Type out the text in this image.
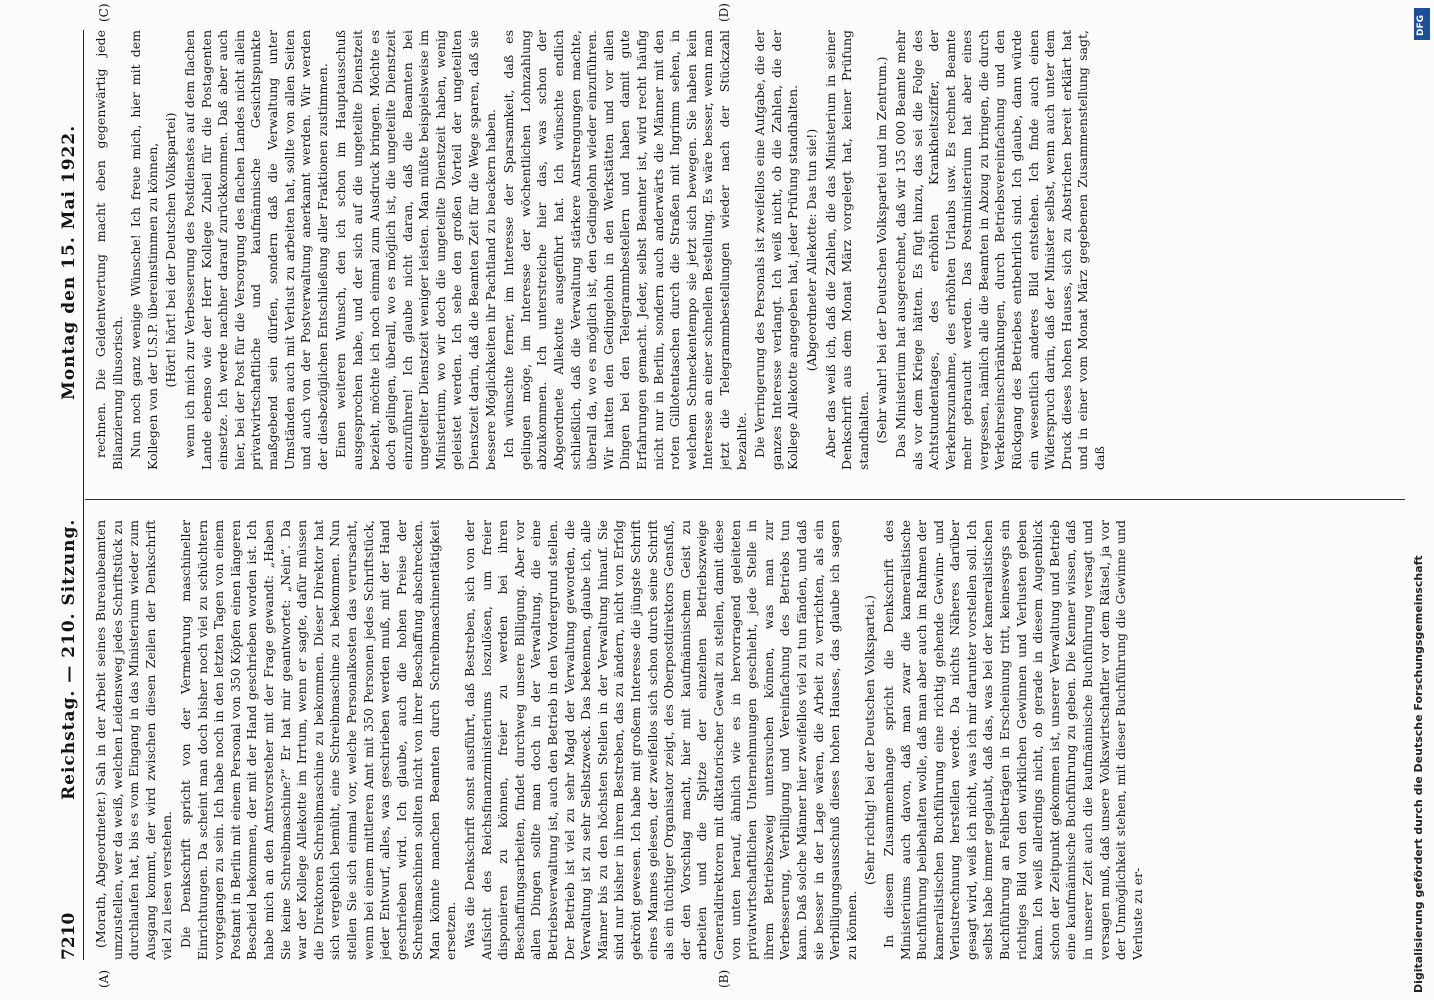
7210
Reichstag. — 210. Sitzung.
Montag den 15. Mai 1922.

(Morath, Abgeordneter.) Sah in der Arbeit seines Bureaubeamten umzustellen, wer da weiß, welchen Leidensweg jedes Schriftstück zu durchlaufen hat, bis es vom Eingang in das Ministerium wieder zum Ausgang kommt, der wird zwischen diesen Zeilen der Denkschrift viel zu lesen verstehen. Die Denkschrift spricht von der Vermehrung maschineller Einrichtungen. Da scheint man doch bisher noch viel zu schüchtern vorgegangen zu sein. Ich habe noch in den letzten Tagen von einem Postamt in Berlin mit einem Personal von 350 Köpfen einen längeren Bescheid bekommen, der mit der Hand geschrieben worden ist. Ich habe mich an den Amtsvorsteher mit der Frage gewandt: „Haben Sie keine Schreibmaschine?“ Er hat mir geantwortet: „Nein“. Da war der Kollege Allekotte im Irrtum, wenn er sagte, dafür müssen die Direktoren Schreibmaschine zu bekommen. Dieser Direktor hat sich vergeblich bemüht, eine Schreibmaschine zu bekommen. Nun stellen Sie sich einmal vor, welche Personalkosten das verursacht, wenn bei einem mittleren Amt mit 350 Personen jedes Schriftstück, jeder Entwurf, alles, was geschrieben werden muß, mit der Hand geschrieben wird. Ich glaube, auch die hohen Preise der Schreibmaschinen sollten nicht von ihrer Beschaffung abschrecken. Man könnte manchen Beamten durch Schreibmaschinentätigkeit ersetzen. Was die Denkschrift sonst ausführt, daß Bestreben, sich von der Aufsicht des Reichsfinanzministeriums loszulösen, um freier disponieren zu können, freier zu werden bei ihren Beschaffungsarbeiten, findet durchweg unsere Billigung. Aber vor allen Dingen sollte man doch in der Verwaltung, die eine Betriebsverwaltung ist, auch den Betrieb in den Vordergrund stellen. Der Betrieb ist viel zu sehr Magd der Verwaltung geworden, die Verwaltung ist zu sehr Selbstzweck. Das bekennen, glaube ich, alle Männer bis zu den höchsten Stellen in der Verwaltung hinauf. Sie sind nur bisher in ihrem Bestreben, das zu ändern, nicht von Erfolg gekrönt gewesen. Ich habe mit großem Interesse die jüngste Schrift eines Mannes gelesen, der zweifellos sich schon durch seine Schrift als ein tüchtiger Organisator zeigt, des Oberpostdirektors Gensfuß, der den Vorschlag macht, hier mit kaufmännischem Geist zu arbeiten und die Spitze der einzelnen Betriebszweige Generaldirektoren mit diktatorischer Gewalt zu stellen, damit diese von unten herauf, ähnlich wie es in hervorragend geleiteten privatwirtschaftlichen Unternehmungen geschieht, jede Stelle in ihrem Betriebszweig untersuchen können, was man zur Verbesserung, Verbilligung und Vereinfachung des Betriebs tun kann. Daß solche Männer hier zweifellos viel zu tun fänden, und daß sie besser in der Lage wären, die Arbeit zu verrichten, als ein Verbilligungsausschuß dieses hohen Hauses, das glaube ich sagen zu können.

(Sehr richtig! bei der Deutschen Volkspartei.) In diesem Zusammenhange spricht die Denkschrift des Ministeriums auch davon, daß man zwar die kameralistische Buchführung beibehalten wolle, daß man aber auch im Rahmen der kameralistischen Buchführung eine richtig gehende Gewinn- und Verlustrechnung herstellen werde. Da nichts Näheres darüber gesagt wird, weiß ich nicht, was ich mir darunter vorstellen soll. Ich selbst habe immer geglaubt, daß das, was bei der kameralistischen Buchführung an Fehlbeträgen in Erscheinung tritt, keineswegs ein richtiges Bild von den wirklichen Gewinnen und Verlusten geben kann. Ich weiß allerdings nicht, ob gerade in diesem Augenblick schon der Zeitpunkt gekommen ist, unserer Verwaltung und Betrieb eine kaufmännische Buchführung zu geben. Die Kenner wissen, daß in unserer Zeit auch die kaufmännische Buchführung versagt und versagen muß, daß unsere Volkswirtschaftler vor dem Rätsel, ja vor der Unmöglichkeit stehen, mit dieser Buchführung die Gewinne und Verluste zu er-

rechnen. Die Geldentwertung macht eben gegenwärtig jede Bilanzierung illusorisch. Nun noch ganz wenige Wünsche! Ich freue mich, hier mit dem Kollegen von der U.S.P. übereinstimmen zu können, (Hört! hört! bei der Deutschen Volkspartei) wenn ich mich zur Verbesserung des Postdienstes auf dem flachen Lande ebenso wie der Herr Kollege Zubeil für die Postagenten einsetze. Ich werde nachher darauf zurückkommen. Daß aber auch hier, bei der Post für die Versorgung des flachen Landes nicht allein privatwirtschaftliche und kaufmännische Gesichtspunkte maßgebend sein dürfen, sondern daß die Verwaltung unter Umständen auch mit Verlust zu arbeiten hat, sollte von allen Seiten und auch von der Postverwaltung anerkannt werden. Wir werden der diesbezüglichen Entschließung aller Fraktionen zustimmen. Einen weiteren Wunsch, den ich schon im Hauptausschuß ausgesprochen habe, und der sich auf die ungeteilte Dienstzeit bezieht, möchte ich noch einmal zum Ausdruck bringen. Möchte es doch gelingen, überall, wo es möglich ist, die ungeteilte Dienstzeit einzuführen! Ich glaube nicht daran, daß die Beamten bei ungeteilter Dienstzeit weniger leisten. Man müßte beispielsweise im Ministerium, wo wir doch die ungeteilte Dienstzeit haben, wenig geleistet werden. Ich sehe den großen Vorteil der ungeteilten Dienstzeit darin, daß die Beamten Zeit für die Wege sparen, daß sie bessere Möglichkeiten ihr Pachtland zu beackern haben. Ich wünschte ferner, im Interesse der Sparsamkeit, daß es gelingen möge, im Interesse der wöchentlichen Lohnzahlung abzukommen. Ich unterstreiche hier das, was schon der Abgeordnete Allekotte ausgeführt hat. Ich wünschte endlich schließlich, daß die Verwaltung stärkere Anstrengungen machte, überall da, wo es möglich ist, den Gedingelohn wieder einzuführen. Wir hatten den Gedingelohn in den Werkstätten und vor allen Dingen bei den Telegrammbestellern und haben damit gute Erfahrungen gemacht. Jeder, selbst Beamter ist, wird recht häufig nicht nur in Berlin, sondern auch anderwärts die Männer mit den roten Gillotentaschen durch die Straßen mit Ingrimm sehen, in welchem Schneckentempo sie jetzt sich bewegen. Sie haben kein Interesse an einer schnellen Bestellung. Es wäre besser, wenn man jetzt die Telegrammbestellungen wieder nach der Stückzahl bezahlte. Die Verringerung des Personals ist zweifellos eine Aufgabe, die der ganzes Interesse verlangt. Ich weiß nicht, ob die Zahlen, die der Kollege Allekotte angegeben hat, jeder Prüfung standhalten. (Abgeordneter Allekotte: Das tun sie!) Aber das weiß ich, daß die Zahlen, die das Ministerium in seiner Denkschrift aus dem Monat März vorgelegt hat, keiner Prüfung standhalten. (Sehr wahr! bei der Deutschen Volkspartei und im Zentrum.) Das Ministerium hat ausgerechnet, daß wir 135 000 Beamte mehr als vor dem Kriege hätten. Es fügt hinzu, das sei die Folge des Achtstundentages, des erhöhten Krankheitsziffer, der Verkehrszunahme, des erhöhten Urlaubs usw. Es rechnet Beamte mehr gebraucht werden. Das Postministerium hat aber eines vergessen, nämlich alle die Beamten in Abzug zu bringen, die durch Verkehrseinschränkungen, durch Betriebsvereinfachung und den Rückgang des Betriebes entbehrlich sind. Ich glaube, dann würde ein wesentlich anderes Bild entstehen. Ich finde auch einen Widerspruch darin, daß der Minister selbst, wenn auch unter dem Druck dieses hohen Hauses, sich zu Abstrichen bereit erklärt hat und in einer vom Monat März gegebenen Zusammenstellung sagt, daß

(A)	(B)
(C)	(D)
Digitalisierung gefördert durch die Deutsche Forschungsgemeinschaft
DFG
